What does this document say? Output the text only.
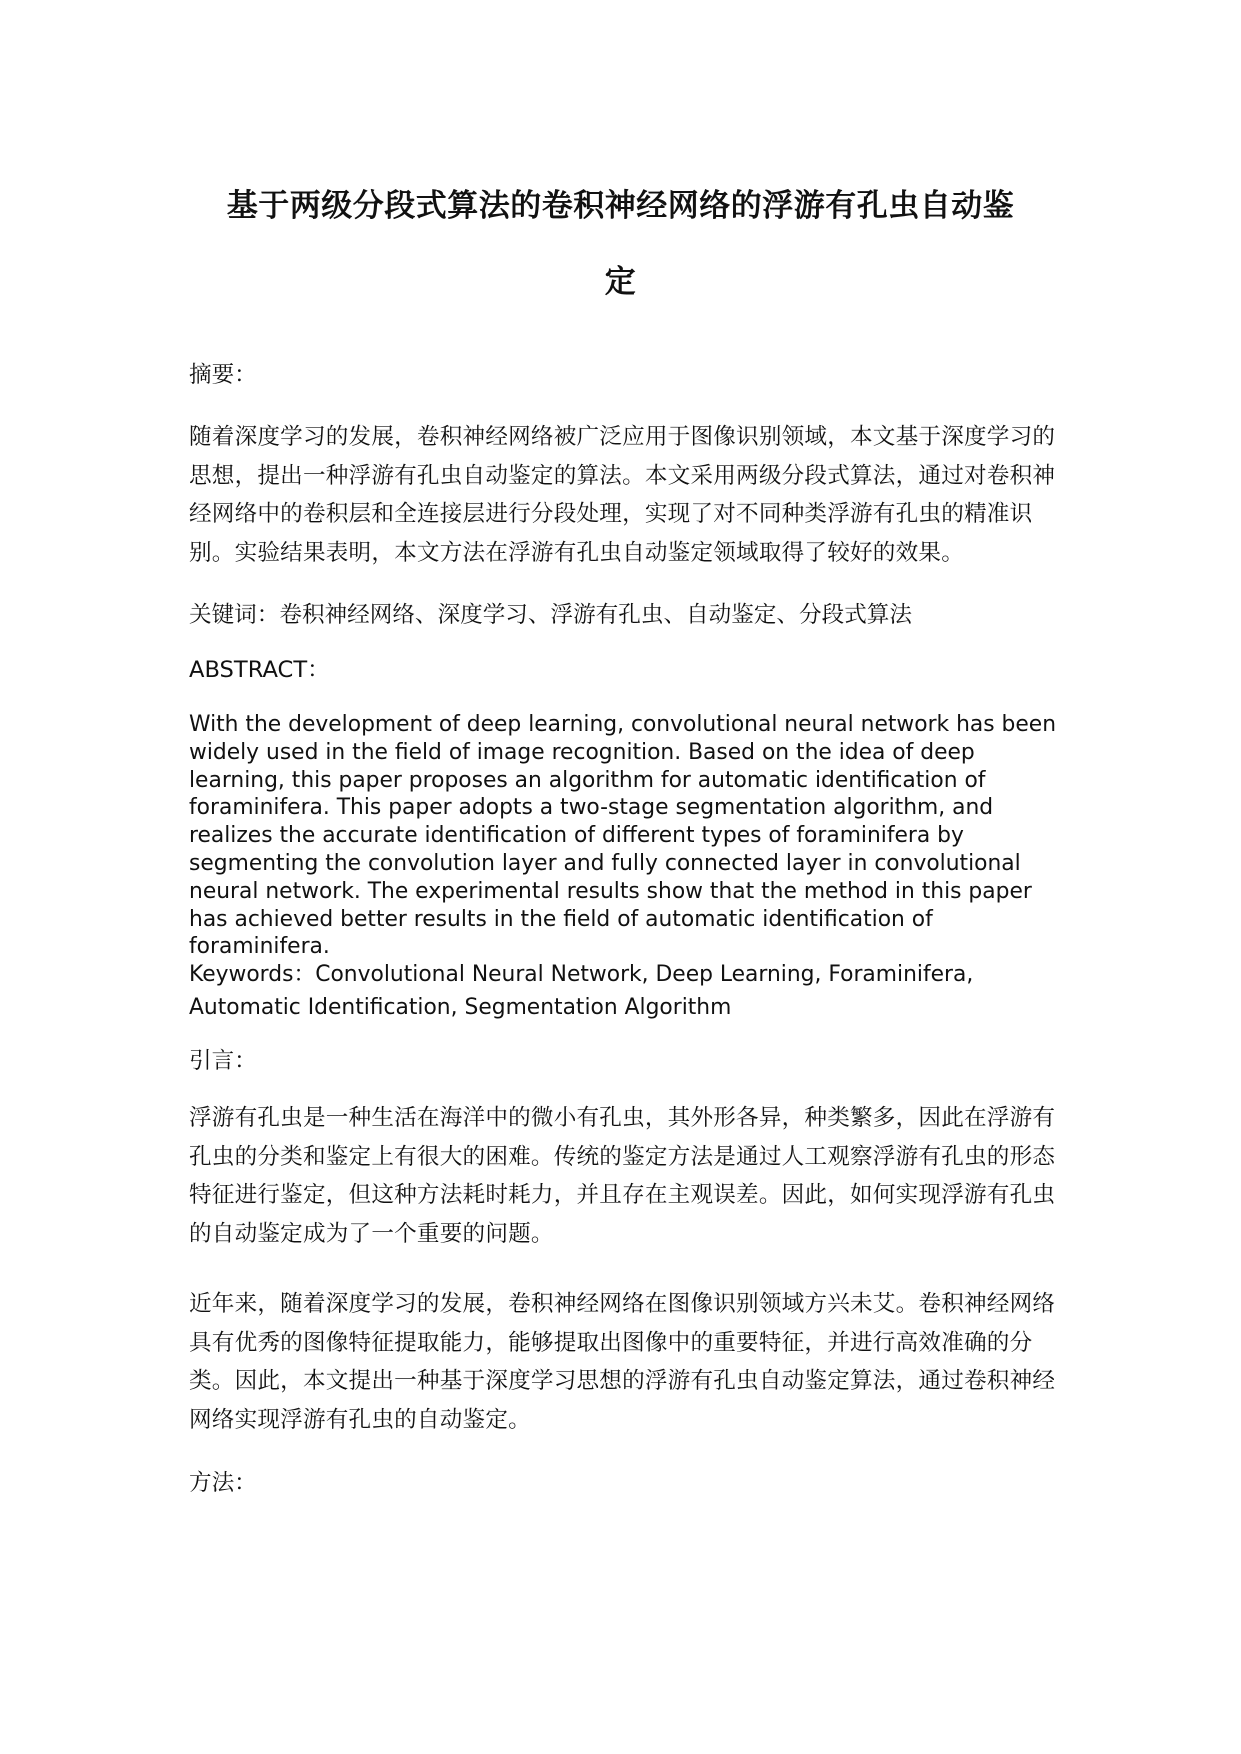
基于两级分段式算法的卷积神经网络的浮游有孔虫自动鉴
定

摘要：

随着深度学习的发展，卷积神经网络被广泛应用于图像识别领域，本文基于深度学习的思想，提出一种浮游有孔虫自动鉴定的算法。本文采用两级分段式算法，通过对卷积神经网络中的卷积层和全连接层进行分段处理，实现了对不同种类浮游有孔虫的精准识别。实验结果表明，本文方法在浮游有孔虫自动鉴定领域取得了较好的效果。

关键词：卷积神经网络、深度学习、浮游有孔虫、自动鉴定、分段式算法

ABSTRACT：

With the development of deep learning, convolutional neural network has been widely used in the field of image recognition. Based on the idea of deep learning, this paper proposes an algorithm for automatic identification of foraminifera. This paper adopts a two-stage segmentation algorithm, and realizes the accurate identification of different types of foraminifera by segmenting the convolution layer and fully connected layer in convolutional neural network. The experimental results show that the method in this paper has achieved better results in the field of automatic identification of foraminifera.

Keywords：Convolutional Neural Network, Deep Learning, Foraminifera, Automatic Identification, Segmentation Algorithm

引言：

浮游有孔虫是一种生活在海洋中的微小有孔虫，其外形各异，种类繁多，因此在浮游有孔虫的分类和鉴定上有很大的困难。传统的鉴定方法是通过人工观察浮游有孔虫的形态特征进行鉴定，但这种方法耗时耗力，并且存在主观误差。因此，如何实现浮游有孔虫的自动鉴定成为了一个重要的问题。

近年来，随着深度学习的发展，卷积神经网络在图像识别领域方兴未艾。卷积神经网络具有优秀的图像特征提取能力，能够提取出图像中的重要特征，并进行高效准确的分类。因此，本文提出一种基于深度学习思想的浮游有孔虫自动鉴定算法，通过卷积神经网络实现浮游有孔虫的自动鉴定。

方法：
